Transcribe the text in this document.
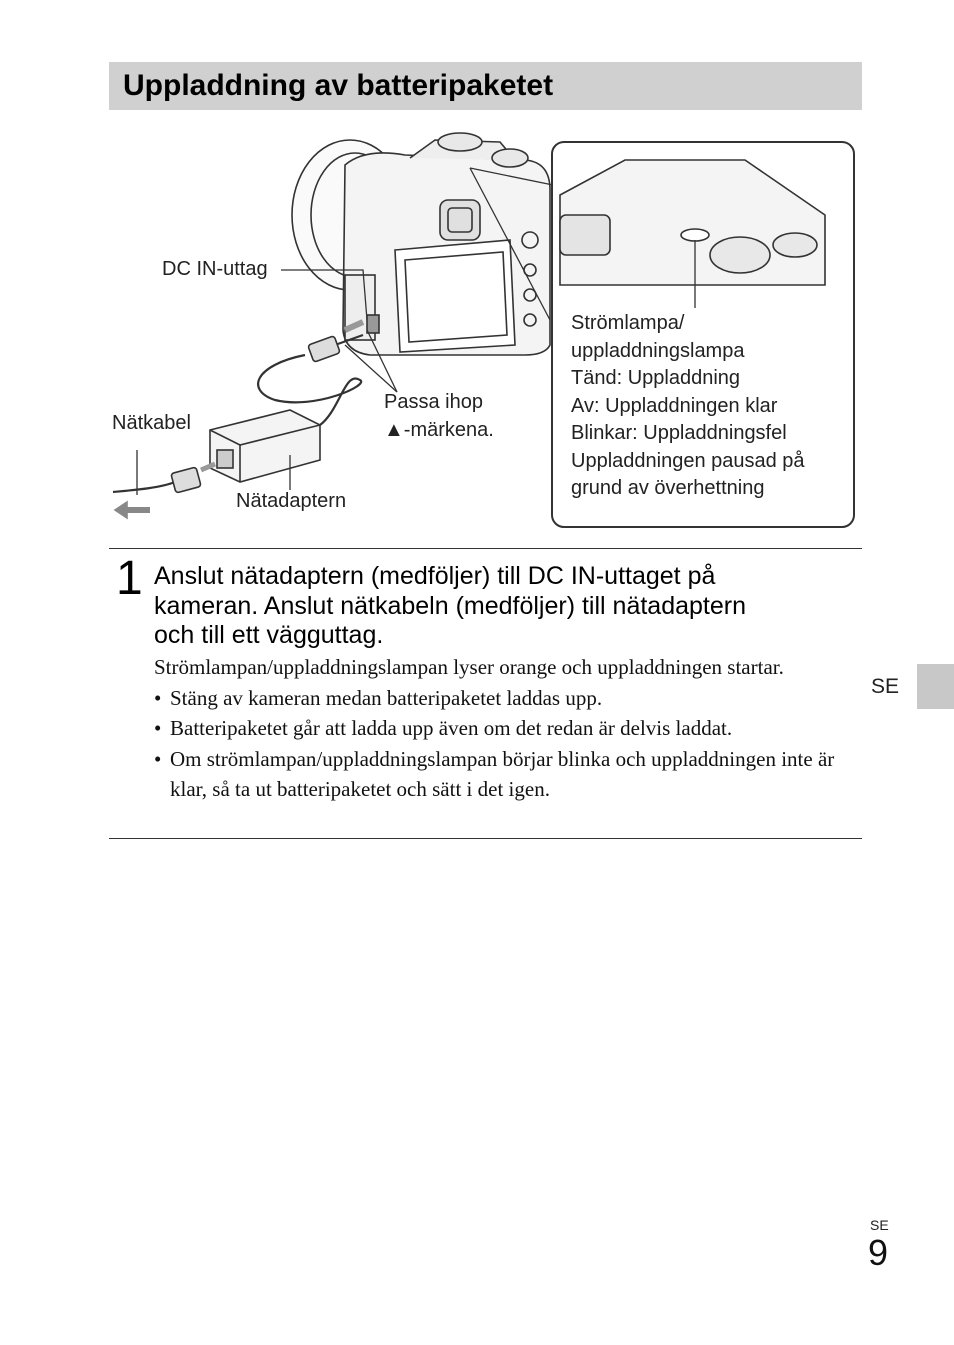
Uppladdning av batteripaketet
DC IN-uttag
Nätkabel
Nätadaptern
Passa ihop
▲-märkena.
Strömlampa/
uppladdningslampa
Tänd: Uppladdning
Av: Uppladdningen klar
Blinkar: Uppladdningsfel
Uppladdningen pausad på
grund av överhettning
1 Anslut nätadaptern (medföljer) till DC IN-uttaget på
kameran. Anslut nätkabeln (medföljer) till nätadaptern
och till ett vägguttag.

Strömlampan/uppladdningslampan lyser orange och uppladdningen startar.

• Stäng av kameran medan batteripaketet laddas upp.
• Batteripaketet går att ladda upp även om det redan är delvis laddat.
• Om strömlampan/uppladdningslampan börjar blinka och uppladdningen inte är klar, så ta ut batteripaketet och sätt i det igen.
SE
SE
9
